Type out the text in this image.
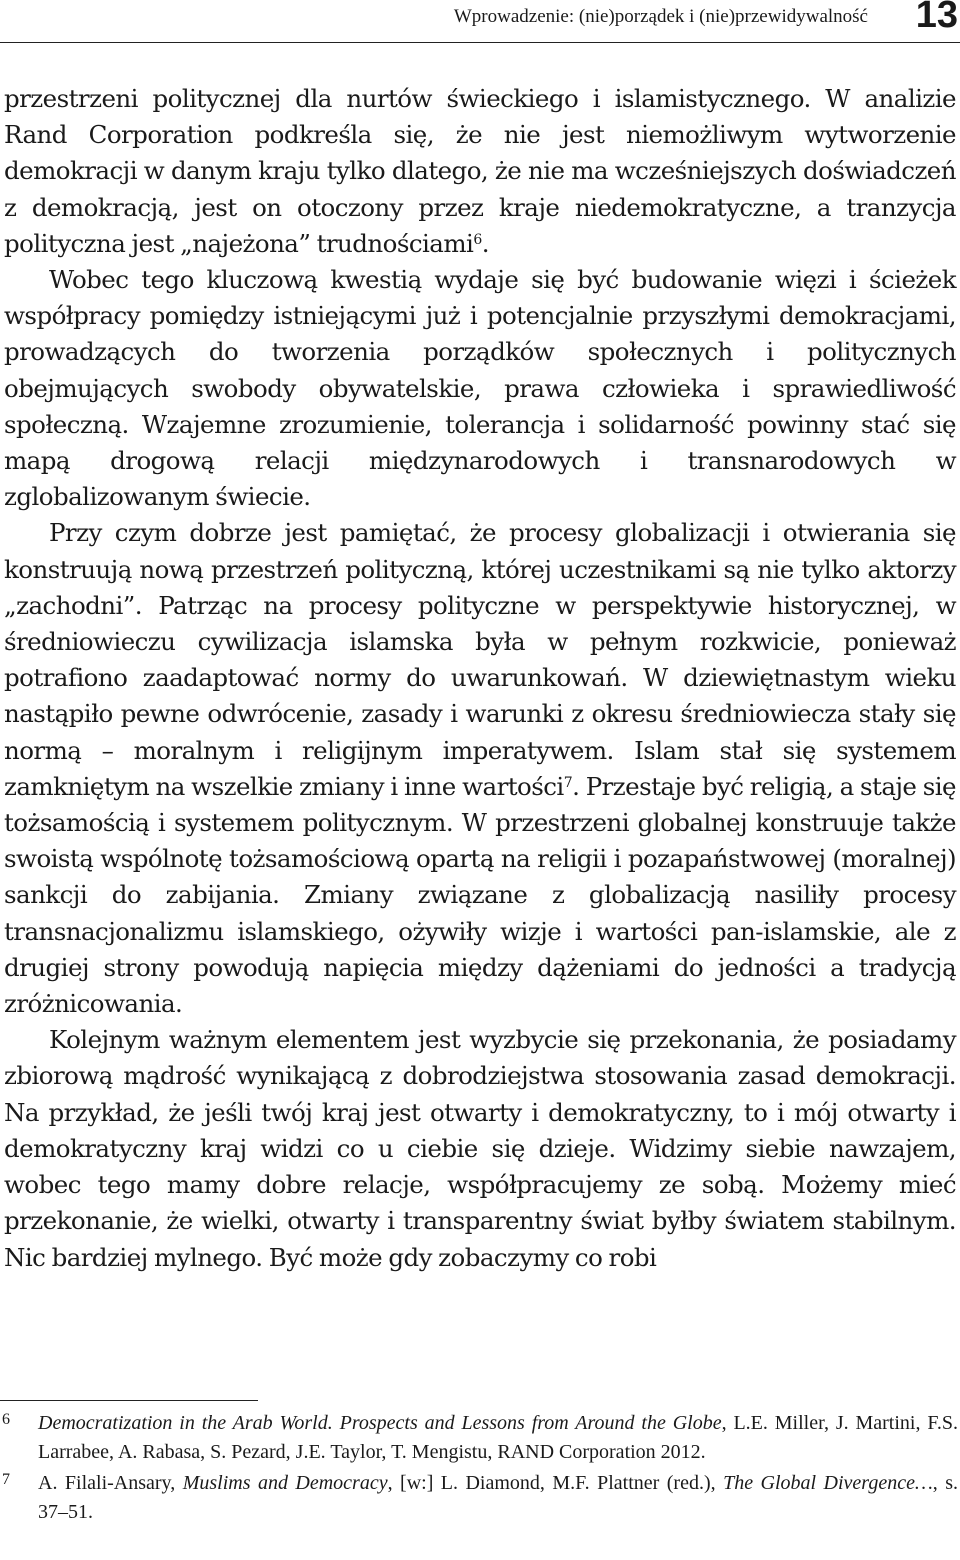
Wprowadzenie: (nie)porządek i (nie)przewidywalność 13

przestrzeni politycznej dla nurtów świeckiego i islamistycznego. W analizie Rand Corporation podkreśla się, że nie jest niemożliwym wytworzenie demokracji w danym kraju tylko dlatego, że nie ma wcześniejszych doświadczeń z demokracją, jest on otoczony przez kraje niedemokratyczne, a tranzycja polityczna jest „najeżona” trudnościami$^6$.

Wobec tego kluczową kwestią wydaje się być budowanie więzi i ścieżek współpracy pomiędzy istniejącymi już i potencjalnie przyszłymi demokracjami, prowadzących do tworzenia porządków społecznych i politycznych obejmujących swobody obywatelskie, prawa człowieka i sprawiedliwość społeczną. Wzajemne zrozumienie, tolerancja i solidarność powinny stać się mapą drogową relacji międzynarodowych i transnarodowych w zglobalizowanym świecie.

Przy czym dobrze jest pamiętać, że procesy globalizacji i otwierania się konstruują nową przestrzeń polityczną, której uczestnikami są nie tylko aktorzy „zachodni”. Patrząc na procesy polityczne w perspektywie historycznej, w średniowieczu cywilizacja islamska była w pełnym rozkwicie, ponieważ potrafiono zaadaptować normy do uwarunkowań. W dziewiętnastym wieku nastąpiło pewne odwrócenie, zasady i warunki z okresu średniowiecza stały się normą – moralnym i religijnym imperatywem. Islam stał się systemem zamkniętym na wszelkie zmiany i inne wartości$^7$. Przestaje być religią, a staje się tożsamością i systemem politycznym. W przestrzeni globalnej konstruuje także swoistą wspólnotę tożsamościową opartą na religii i pozapaństwowej (moralnej) sankcji do zabijania. Zmiany związane z globalizacją nasiliły procesy transnacjonalizmu islamskiego, ożywiły wizje i wartości pan-islamskie, ale z drugiej strony powodują napięcia między dążeniami do jedności a tradycją zróżnicowania.

Kolejnym ważnym elementem jest wyzbycie się przekonania, że posiadamy zbiorową mądrość wynikającą z dobrodziejstwa stosowania zasad demokracji. Na przykład, że jeśli twój kraj jest otwarty i demokratyczny, to i mój otwarty i demokratyczny kraj widzi co u ciebie się dzieje. Widzimy siebie nawzajem, wobec tego mamy dobre relacje, współpracujemy ze sobą. Możemy mieć przekonanie, że wielki, otwarty i transparentny świat byłby światem stabilnym. Nic bardziej mylnego. Być może gdy zobaczymy co robi

6 Democratization in the Arab World. Prospects and Lessons from Around the Globe, L.E. Miller, J. Martini, F.S. Larrabee, A. Rabasa, S. Pezard, J.E. Taylor, T. Mengistu, RAND Corporation 2012.
7 A. Filali-Ansary, Muslims and Democracy, [w:] L. Diamond, M.F. Plattner (red.), The Global Divergence…, s. 37–51.
